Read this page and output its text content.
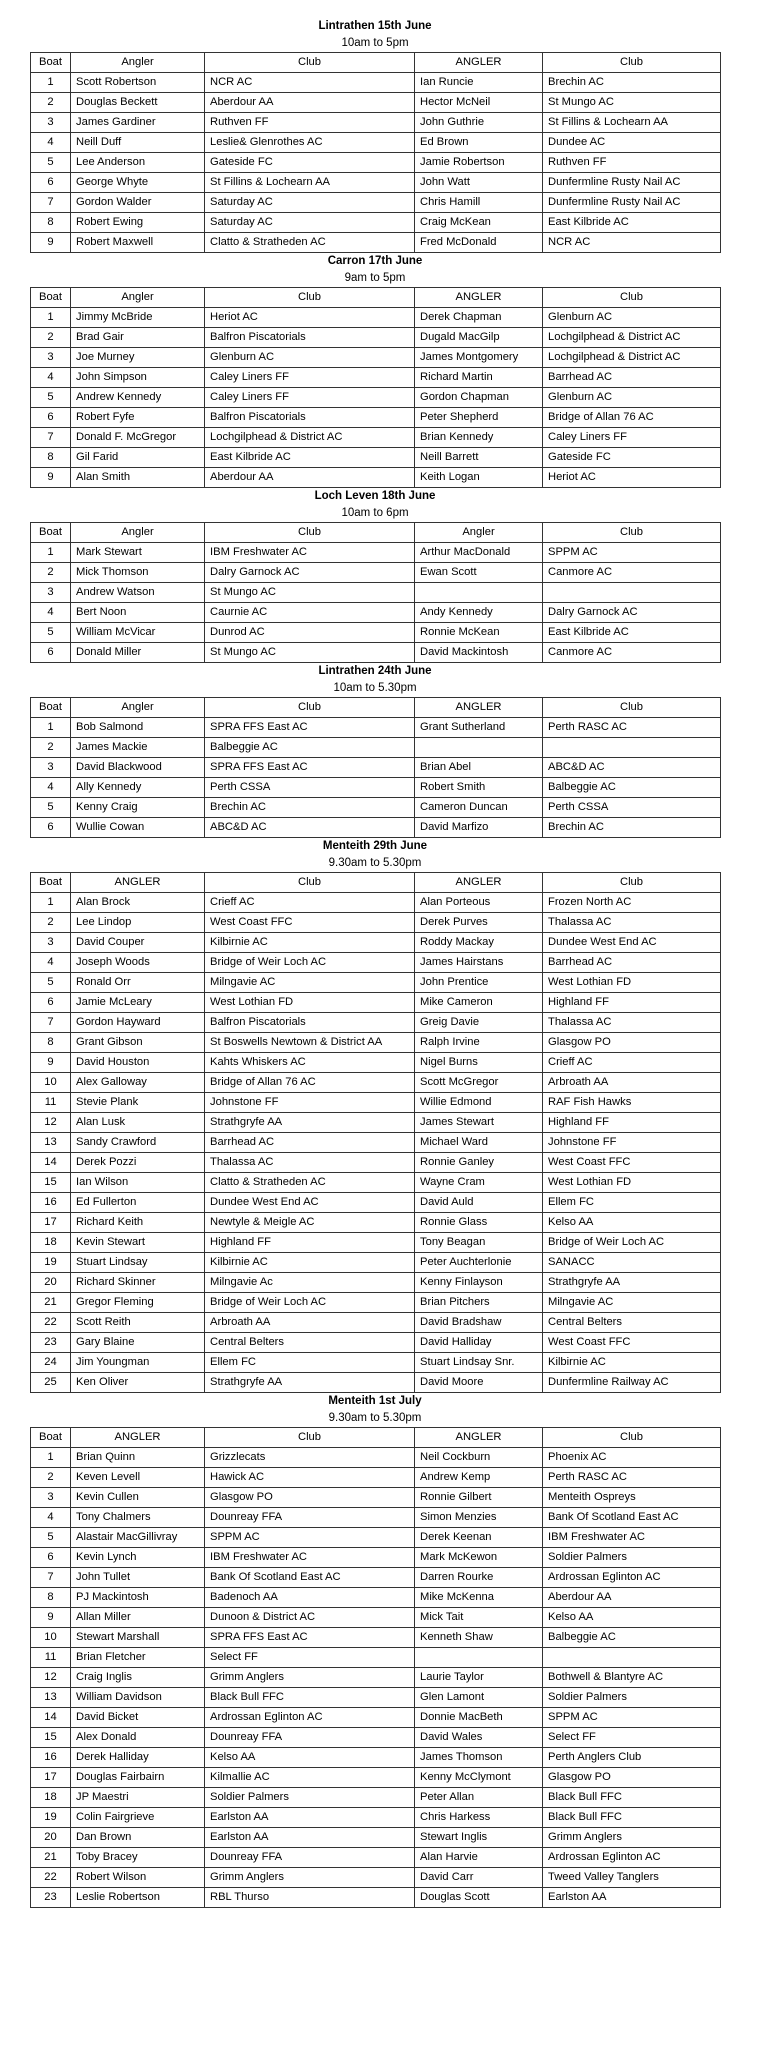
Lintrathen 15th June
10am to 5pm
Boat	Angler	Club	ANGLER	Club
1	Scott Robertson	NCR AC	Ian Runcie	Brechin AC
2	Douglas Beckett	Aberdour AA	Hector McNeil	St Mungo AC
3	James Gardiner	Ruthven FF	John Guthrie	St Fillins & Lochearn AA
4	Neill Duff	Leslie& Glenrothes AC	Ed Brown	Dundee AC
5	Lee Anderson	Gateside FC	Jamie Robertson	Ruthven FF
6	George Whyte	St Fillins & Lochearn AA	John Watt	Dunfermline Rusty Nail AC
7	Gordon Walder	Saturday AC	Chris Hamill	Dunfermline Rusty Nail AC
8	Robert Ewing	Saturday AC	Craig McKean	East Kilbride AC
9	Robert Maxwell	Clatto & Stratheden AC	Fred McDonald	NCR AC
Carron 17th June
9am to 5pm
Boat	Angler	Club	ANGLER	Club
1	Jimmy McBride	Heriot AC	Derek Chapman	Glenburn AC
2	Brad Gair	Balfron Piscatorials	Dugald MacGilp	Lochgilphead & District AC
3	Joe Murney	Glenburn AC	James Montgomery	Lochgilphead & District AC
4	John Simpson	Caley Liners FF	Richard Martin	Barrhead AC
5	Andrew Kennedy	Caley Liners FF	Gordon Chapman	Glenburn AC
6	Robert Fyfe	Balfron Piscatorials	Peter Shepherd	Bridge of Allan 76 AC
7	Donald F. McGregor	Lochgilphead & District AC	Brian Kennedy	Caley Liners FF
8	Gil Farid	East Kilbride AC	Neill Barrett	Gateside FC
9	Alan Smith	Aberdour AA	Keith Logan	Heriot AC
Loch Leven 18th June
10am to 6pm
Boat	Angler	Club	Angler	Club
1	Mark Stewart	IBM Freshwater AC	Arthur MacDonald	SPPM AC
2	Mick Thomson	Dalry Garnock AC	Ewan Scott	Canmore AC
3	Andrew Watson	St Mungo AC		
4	Bert Noon	Caurnie AC	Andy Kennedy	Dalry Garnock AC
5	William McVicar	Dunrod AC	Ronnie McKean	East Kilbride AC
6	Donald Miller	St Mungo AC	David Mackintosh	Canmore AC
Lintrathen 24th June
10am to 5.30pm
Boat	Angler	Club	ANGLER	Club
1	Bob Salmond	SPRA FFS East AC	Grant Sutherland	Perth RASC AC
2	James Mackie	Balbeggie AC		
3	David Blackwood	SPRA FFS East AC	Brian Abel	ABC&D AC
4	Ally Kennedy	Perth CSSA	Robert Smith	Balbeggie AC
5	Kenny Craig	Brechin AC	Cameron Duncan	Perth CSSA
6	Wullie Cowan	ABC&D AC	David Marfizo	Brechin AC
Menteith 29th June
9.30am to 5.30pm
Boat	ANGLER	Club	ANGLER	Club
1	Alan Brock	Crieff AC	Alan Porteous	Frozen North AC
2	Lee Lindop	West Coast FFC	Derek Purves	Thalassa AC
3	David Couper	Kilbirnie AC	Roddy Mackay	Dundee West End AC
4	Joseph Woods	Bridge of Weir Loch AC	James Hairstans	Barrhead AC
5	Ronald Orr	Milngavie AC	John Prentice	West Lothian FD
6	Jamie McLeary	West Lothian FD	Mike Cameron	Highland FF
7	Gordon Hayward	Balfron Piscatorials	Greig Davie	Thalassa AC
8	Grant Gibson	St Boswells Newtown & District AA	Ralph Irvine	Glasgow PO
9	David Houston	Kahts Whiskers AC	Nigel Burns	Crieff AC
10	Alex Galloway	Bridge of Allan 76 AC	Scott McGregor	Arbroath AA
11	Stevie Plank	Johnstone FF	Willie Edmond	RAF Fish Hawks
12	Alan Lusk	Strathgryfe AA	James Stewart	Highland FF
13	Sandy Crawford	Barrhead AC	Michael Ward	Johnstone FF
14	Derek Pozzi	Thalassa AC	Ronnie Ganley	West Coast FFC
15	Ian Wilson	Clatto & Stratheden AC	Wayne Cram	West Lothian FD
16	Ed Fullerton	Dundee West End AC	David Auld	Ellem FC
17	Richard Keith	Newtyle & Meigle AC	Ronnie Glass	Kelso AA
18	Kevin Stewart	Highland FF	Tony Beagan	Bridge of Weir Loch AC
19	Stuart Lindsay	Kilbirnie AC	Peter Auchterlonie	SANACC
20	Richard Skinner	Milngavie Ac	Kenny Finlayson	Strathgryfe AA
21	Gregor Fleming	Bridge of Weir Loch AC	Brian Pitchers	Milngavie AC
22	Scott Reith	Arbroath AA	David Bradshaw	Central Belters
23	Gary Blaine	Central Belters	David Halliday	West Coast FFC
24	Jim Youngman	Ellem FC	Stuart Lindsay Snr.	Kilbirnie AC
25	Ken Oliver	Strathgryfe AA	David Moore	Dunfermline Railway AC
Menteith 1st July
9.30am to 5.30pm
Boat	ANGLER	Club	ANGLER	Club
1	Brian Quinn	Grizzlecats	Neil Cockburn	Phoenix AC
2	Keven Levell	Hawick AC	Andrew Kemp	Perth RASC AC
3	Kevin Cullen	Glasgow PO	Ronnie Gilbert	Menteith Ospreys
4	Tony Chalmers	Dounreay FFA	Simon Menzies	Bank Of Scotland East AC
5	Alastair MacGillivray	SPPM AC	Derek Keenan	IBM Freshwater AC
6	Kevin Lynch	IBM Freshwater AC	Mark McKewon	Soldier Palmers
7	John Tullet	Bank Of Scotland East AC	Darren Rourke	Ardrossan Eglinton AC
8	PJ Mackintosh	Badenoch AA	Mike McKenna	Aberdour AA
9	Allan Miller	Dunoon & District AC	Mick Tait	Kelso AA
10	Stewart Marshall	SPRA FFS East AC	Kenneth Shaw	Balbeggie AC
11	Brian Fletcher	Select FF		
12	Craig Inglis	Grimm Anglers	Laurie Taylor	Bothwell & Blantyre AC
13	William Davidson	Black Bull FFC	Glen Lamont	Soldier Palmers
14	David Bicket	Ardrossan Eglinton AC	Donnie MacBeth	SPPM AC
15	Alex Donald	Dounreay FFA	David Wales	Select FF
16	Derek Halliday	Kelso AA	James Thomson	Perth Anglers Club
17	Douglas Fairbairn	Kilmallie AC	Kenny McClymont	Glasgow PO
18	JP Maestri	Soldier Palmers	Peter Allan	Black Bull FFC
19	Colin Fairgrieve	Earlston AA	Chris Harkess	Black Bull FFC
20	Dan Brown	Earlston AA	Stewart Inglis	Grimm Anglers
21	Toby Bracey	Dounreay FFA	Alan Harvie	Ardrossan Eglinton AC
22	Robert Wilson	Grimm Anglers	David Carr	Tweed Valley Tanglers
23	Leslie Robertson	RBL Thurso	Douglas Scott	Earlston AA
